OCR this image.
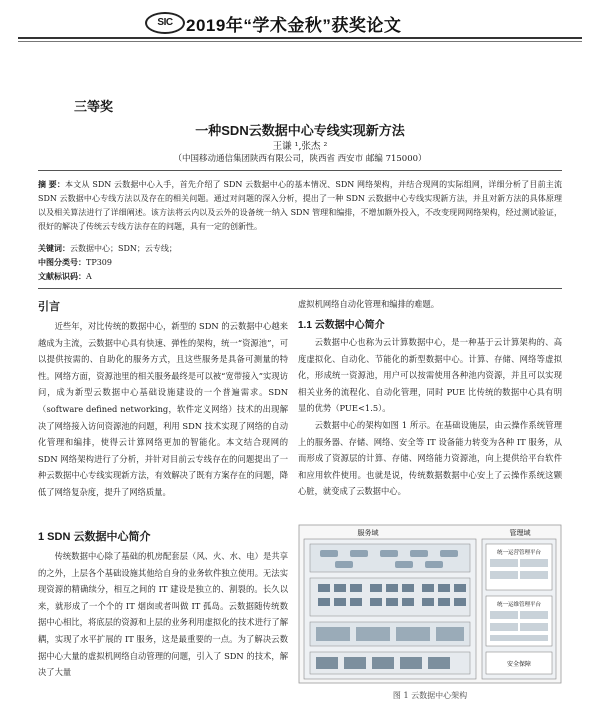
SIC 2019年“学术金秋”获奖论文
三等奖
一种SDN云数据中心专线实现新方法
王谦 ¹,张杰 ²
（中国移动通信集团陕西有限公司，陕西省 西安市 邮编 715000）
摘 要：本文从 SDN 云数据中心入手，首先介绍了 SDN 云数据中心的基本情况、SDN 网络架构，并结合现网的实际组网，详细分析了目前主流 SDN 云数据中心专线方法以及存在的相关问题。通过对问题的深入分析，提出了一种 SDN 云数据中心专线实现新方法，并且对新方法的具体原理以及相关算法进行了详细阐述。该方法将云内以及云外的设备统一纳入 SDN 管理和编排，不增加额外投入，不改变现网网络架构，经过测试验证，很好的解决了传统云专线方法存在的问题，具有一定的创新性。
关键词：云数据中心；SDN；云专线；
中图分类号：TP309
文献标识码：A
引言

近些年，对比传统的数据中心，新型的 SDN 的云数据中心越来越成为主流，云数据中心具有快速、弹性的架构，统一“资源池”，可以提供按需的、自助化的服务方式，且这些服务是具备可测量的特性。网络方面，资源池里的相关服务最终是可以被“宽带接入”实现访问，成为新型云数据中心基础设施建设的一个普遍需求。SDN（software defined networking，软件定义网络）技术的出现解决了网络接入访问资源池的问题，利用 SDN 技术实现了网络的自动化管理和编排，使得云计算网络更加的智能化。本文结合现网的 SDN 网络架构进行了分析，并针对目前云专线存在的问题提出了一种云数据中心专线实现新方法，有效解决了既有方案存在的问题，降低了网络复杂度，提升了网络质量。

1 SDN 云数据中心简介

传统数据中心除了基础的机房配套层（风、火、水、电）是共享的之外，上层各个基础设施其他给自身的业务软件独立使用。无法实现资源的精确续分，相互之间的 IT 建设是独立的、割裂的。长久以来，就形成了一个个的 IT 烟囱或者叫做 IT 孤岛。云数据随传统数据中心相比，将底层的资源和上层的业务利用虚拟化的技术进行了解耦，实现了水平扩展的 IT 服务，这是最重要的一点。为了解决云数据中心大量的虚拟机网络自动管理的问题，引入了 SDN 的技术，解决了大量

虚拟机网络自动化管理和编排的难题。
1.1 云数据中心简介

云数据中心也称为云计算数据中心，是一种基于云计算架构的、高度虚拟化、自动化、节能化的新型数据中心。计算、存储、网络等虚拟化，形成统一资源池，用户可以按需使用各种池内资源，并且可以实现相关业务的流程化、自动化管理，同时 PUE 比传统的数据中心具有明显的优势（PUE<1.5）。

云数据中心的架构如图 1 所示。在基础设施层，由云操作系统管理上的服务器、存储、网络、安全等 IT 设备能力转变为各种 IT 服务，从而形成了资源层的计算、存储、网络能力资源池，向上提供给平台软件和应用软件使用。也就是说，传统数据数据中心安上了云操作系统这颗心脏，就变成了云数据中心。

服务域	管理域
统一运营管理平台
统一运维管理平台
安全保障
图 1 云数据中心架构
